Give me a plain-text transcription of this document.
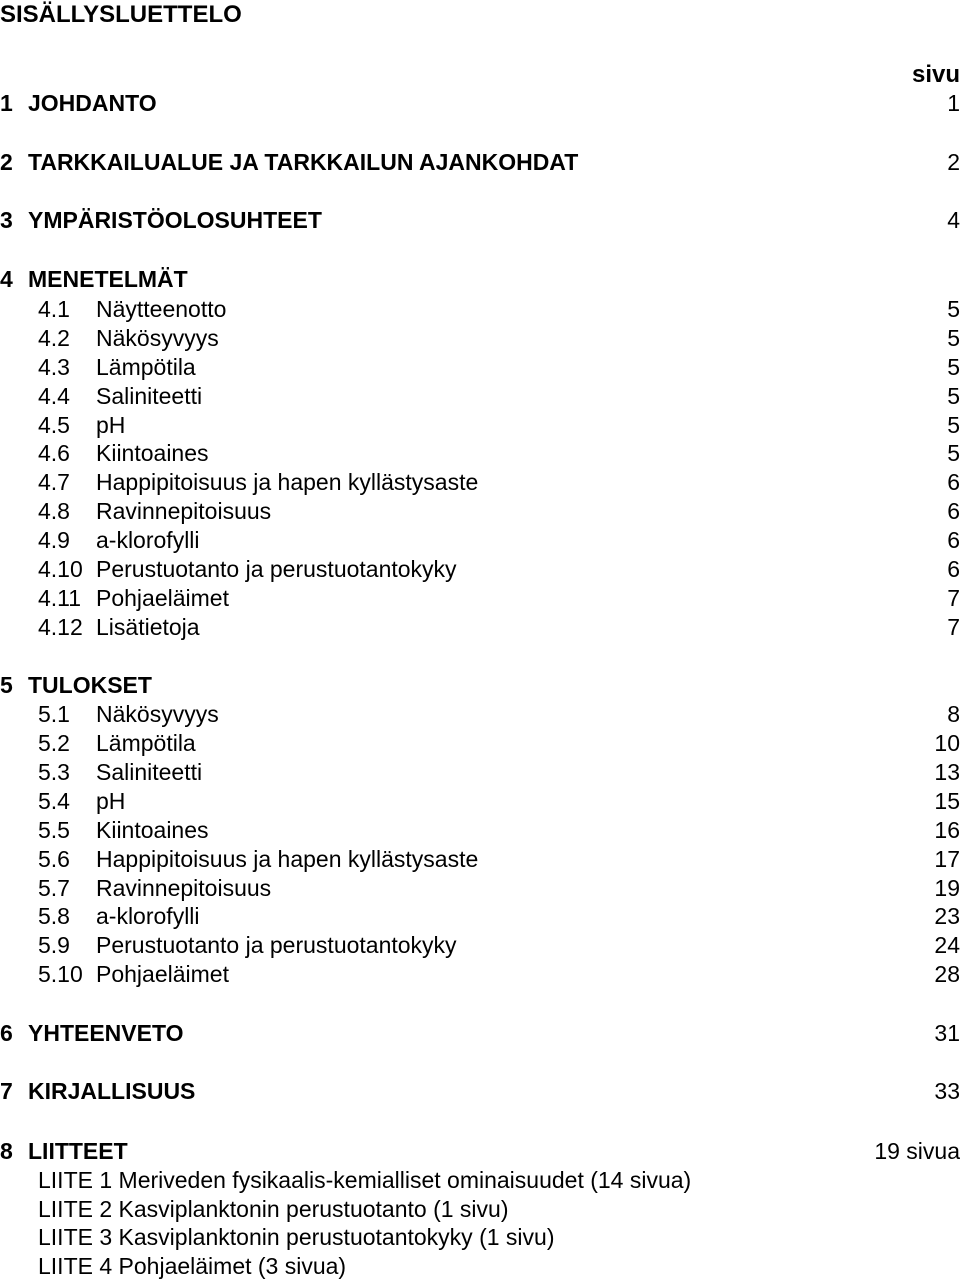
SISÄLLYSLUETTELO
sivu
1 JOHDANTO	1
2 TARKKAILUALUE JA TARKKAILUN AJANKOHDAT	2
3 YMPÄRISTÖOLOSUHTEET	4
4 MENETELMÄT
4.1 Näytteenotto	5
4.2 Näkösyvyys	5
4.3 Lämpötila	5
4.4 Saliniteetti	5
4.5 pH	5
4.6 Kiintoaines	5
4.7 Happipitoisuus ja hapen kyllästysaste	6
4.8 Ravinnepitoisuus	6
4.9 a-klorofylli	6
4.10 Perustuotanto ja perustuotantokyky	6
4.11 Pohjaeläimet	7
4.12 Lisätietoja	7
5 TULOKSET
5.1 Näkösyvyys	8
5.2 Lämpötila	10
5.3 Saliniteetti	13
5.4 pH	15
5.5 Kiintoaines	16
5.6 Happipitoisuus ja hapen kyllästysaste	17
5.7 Ravinnepitoisuus	19
5.8 a-klorofylli	23
5.9 Perustuotanto ja perustuotantokyky	24
5.10 Pohjaeläimet	28
6 YHTEENVETO	31
7 KIRJALLISUUS	33
8 LIITTEET	19 sivua
LIITE 1 Meriveden fysikaalis-kemialliset ominaisuudet (14 sivua)
LIITE 2 Kasviplanktonin perustuotanto (1 sivu)
LIITE 3 Kasviplanktonin perustuotantokyky (1 sivu)
LIITE 4 Pohjaeläimet (3 sivua)
